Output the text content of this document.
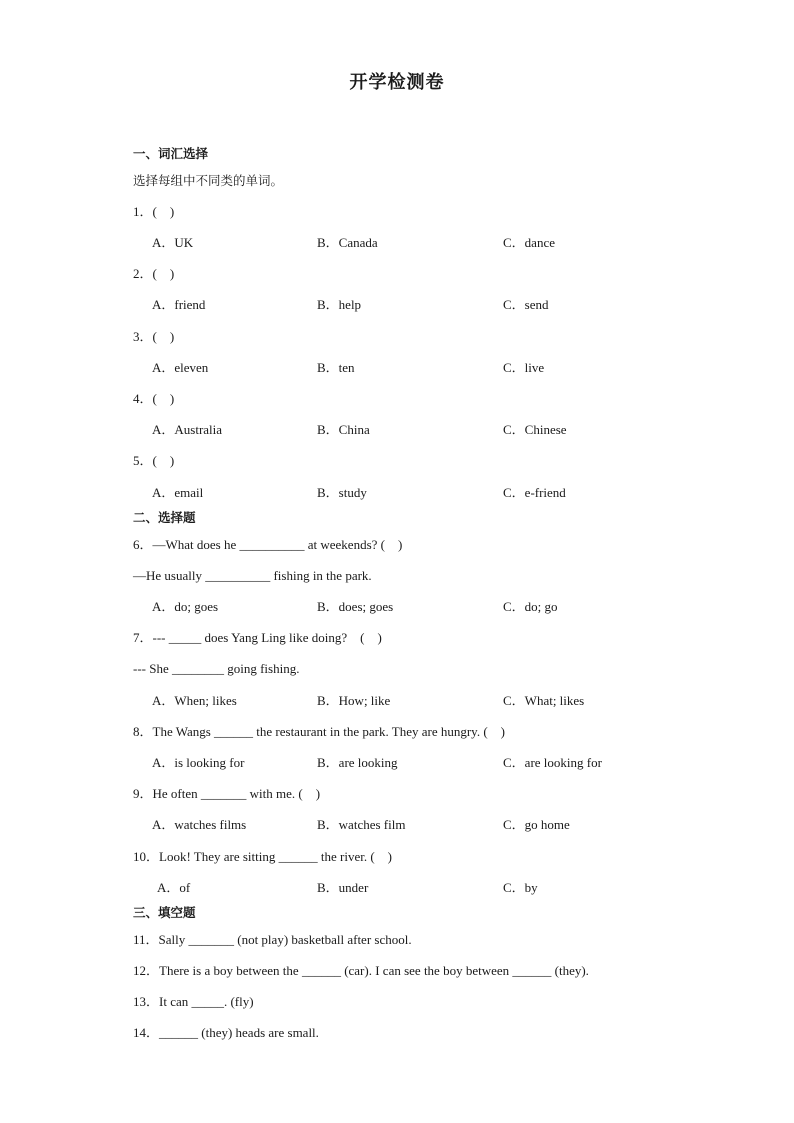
开学检测卷
一、词汇选择
选择每组中不同类的单词。
1．(　)
A．UK	B．Canada	C．dance
2．(　)
A．friend	B．help	C．send
3．(　)
A．eleven	B．ten	C．live
4．(　)
A．Australia	B．China	C．Chinese
5．(　)
A．email	B．study	C．e-friend
二、选择题
6．—What does he __________ at weekends? (　)
—He usually __________ fishing in the park.
A．do; goes	B．does; goes	C．do; go
7．--- _____ does Yang Ling like doing?　(　)
--- She ________ going fishing.
A．When; likes	B．How; like	C．What; likes
8．The Wangs ______ the restaurant in the park. They are hungry. (　)
A．is looking for	B．are looking	C．are looking for
9．He often _______ with me. (　)
A．watches films	B．watches film	C．go home
10．Look! They are sitting ______ the river. (　)
A．of	B．under	C．by
三、填空题
11．Sally _______ (not play) basketball after school.
12．There is a boy between the ______ (car). I can see the boy between ______ (they).
13．It can _____. (fly)
14．______ (they) heads are small.
